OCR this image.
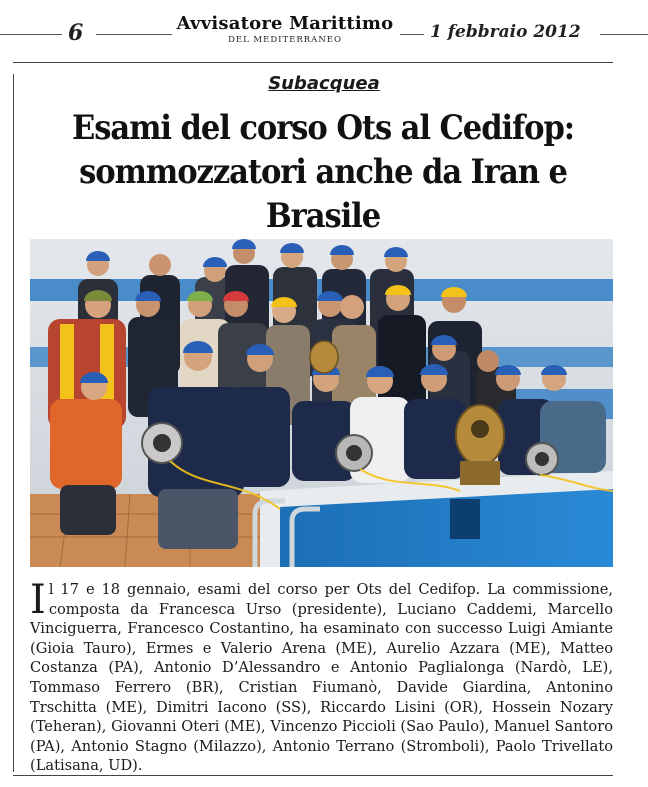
6	Avvisatore Marittimo
DEL MEDITERRANEO	1 febbraio 2012
Subacquea
Esami del corso Ots al Cedifop:
sommozzatori anche da Iran e Brasile
Il 17 e 18 gennaio, esami del corso per Ots del Cedifop. La commissione, composta da Francesca Urso (presidente), Luciano Caddemi, Marcello Vinciguerra, Francesco Costantino, ha esaminato con successo Luigi Amiante (Gioia Tauro), Ermes e Valerio Arena (ME), Aurelio Azzara (ME), Matteo Costanza (PA), Antonio D’Alessandro e Antonio Paglialonga (Nardò, LE), Tommaso Ferrero (BR), Cristian Fiumanò, Davide Giardina, Antonino Trschitta (ME), Dimitri Iacono (SS), Riccardo Lisini (OR), Hossein Nozary (Teheran), Giovanni Oteri (ME), Vincenzo Piccioli (Sao Paulo), Manuel Santoro (PA), Antonio Stagno (Milazzo), Antonio Terrano (Stromboli), Paolo Trivellato (Latisana, UD).
